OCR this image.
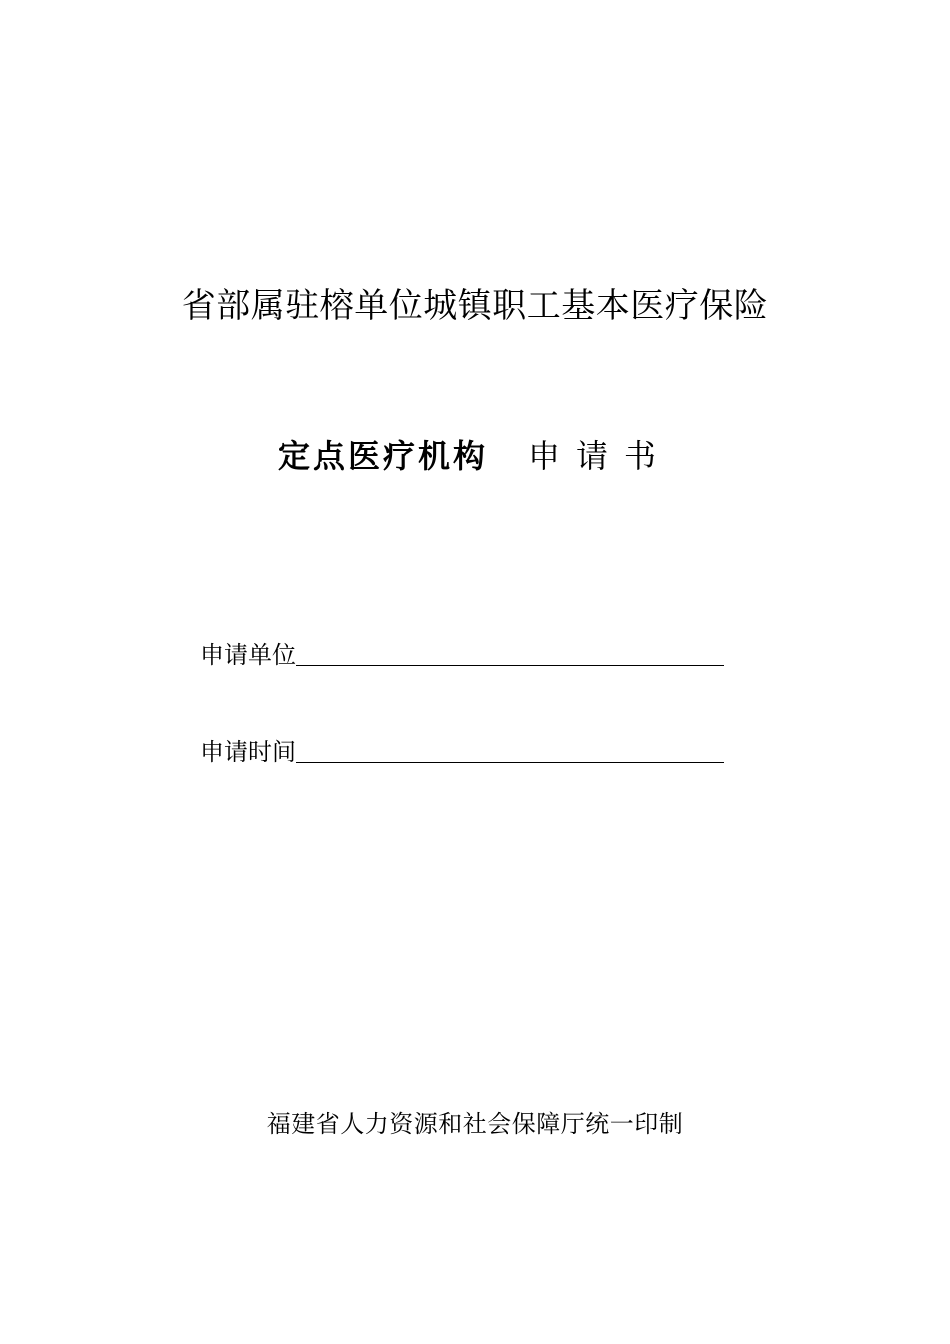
省部属驻榕单位城镇职工基本医疗保险
定点医疗机构 申请书
申请单位
申请时间
福建省人力资源和社会保障厅统一印制
